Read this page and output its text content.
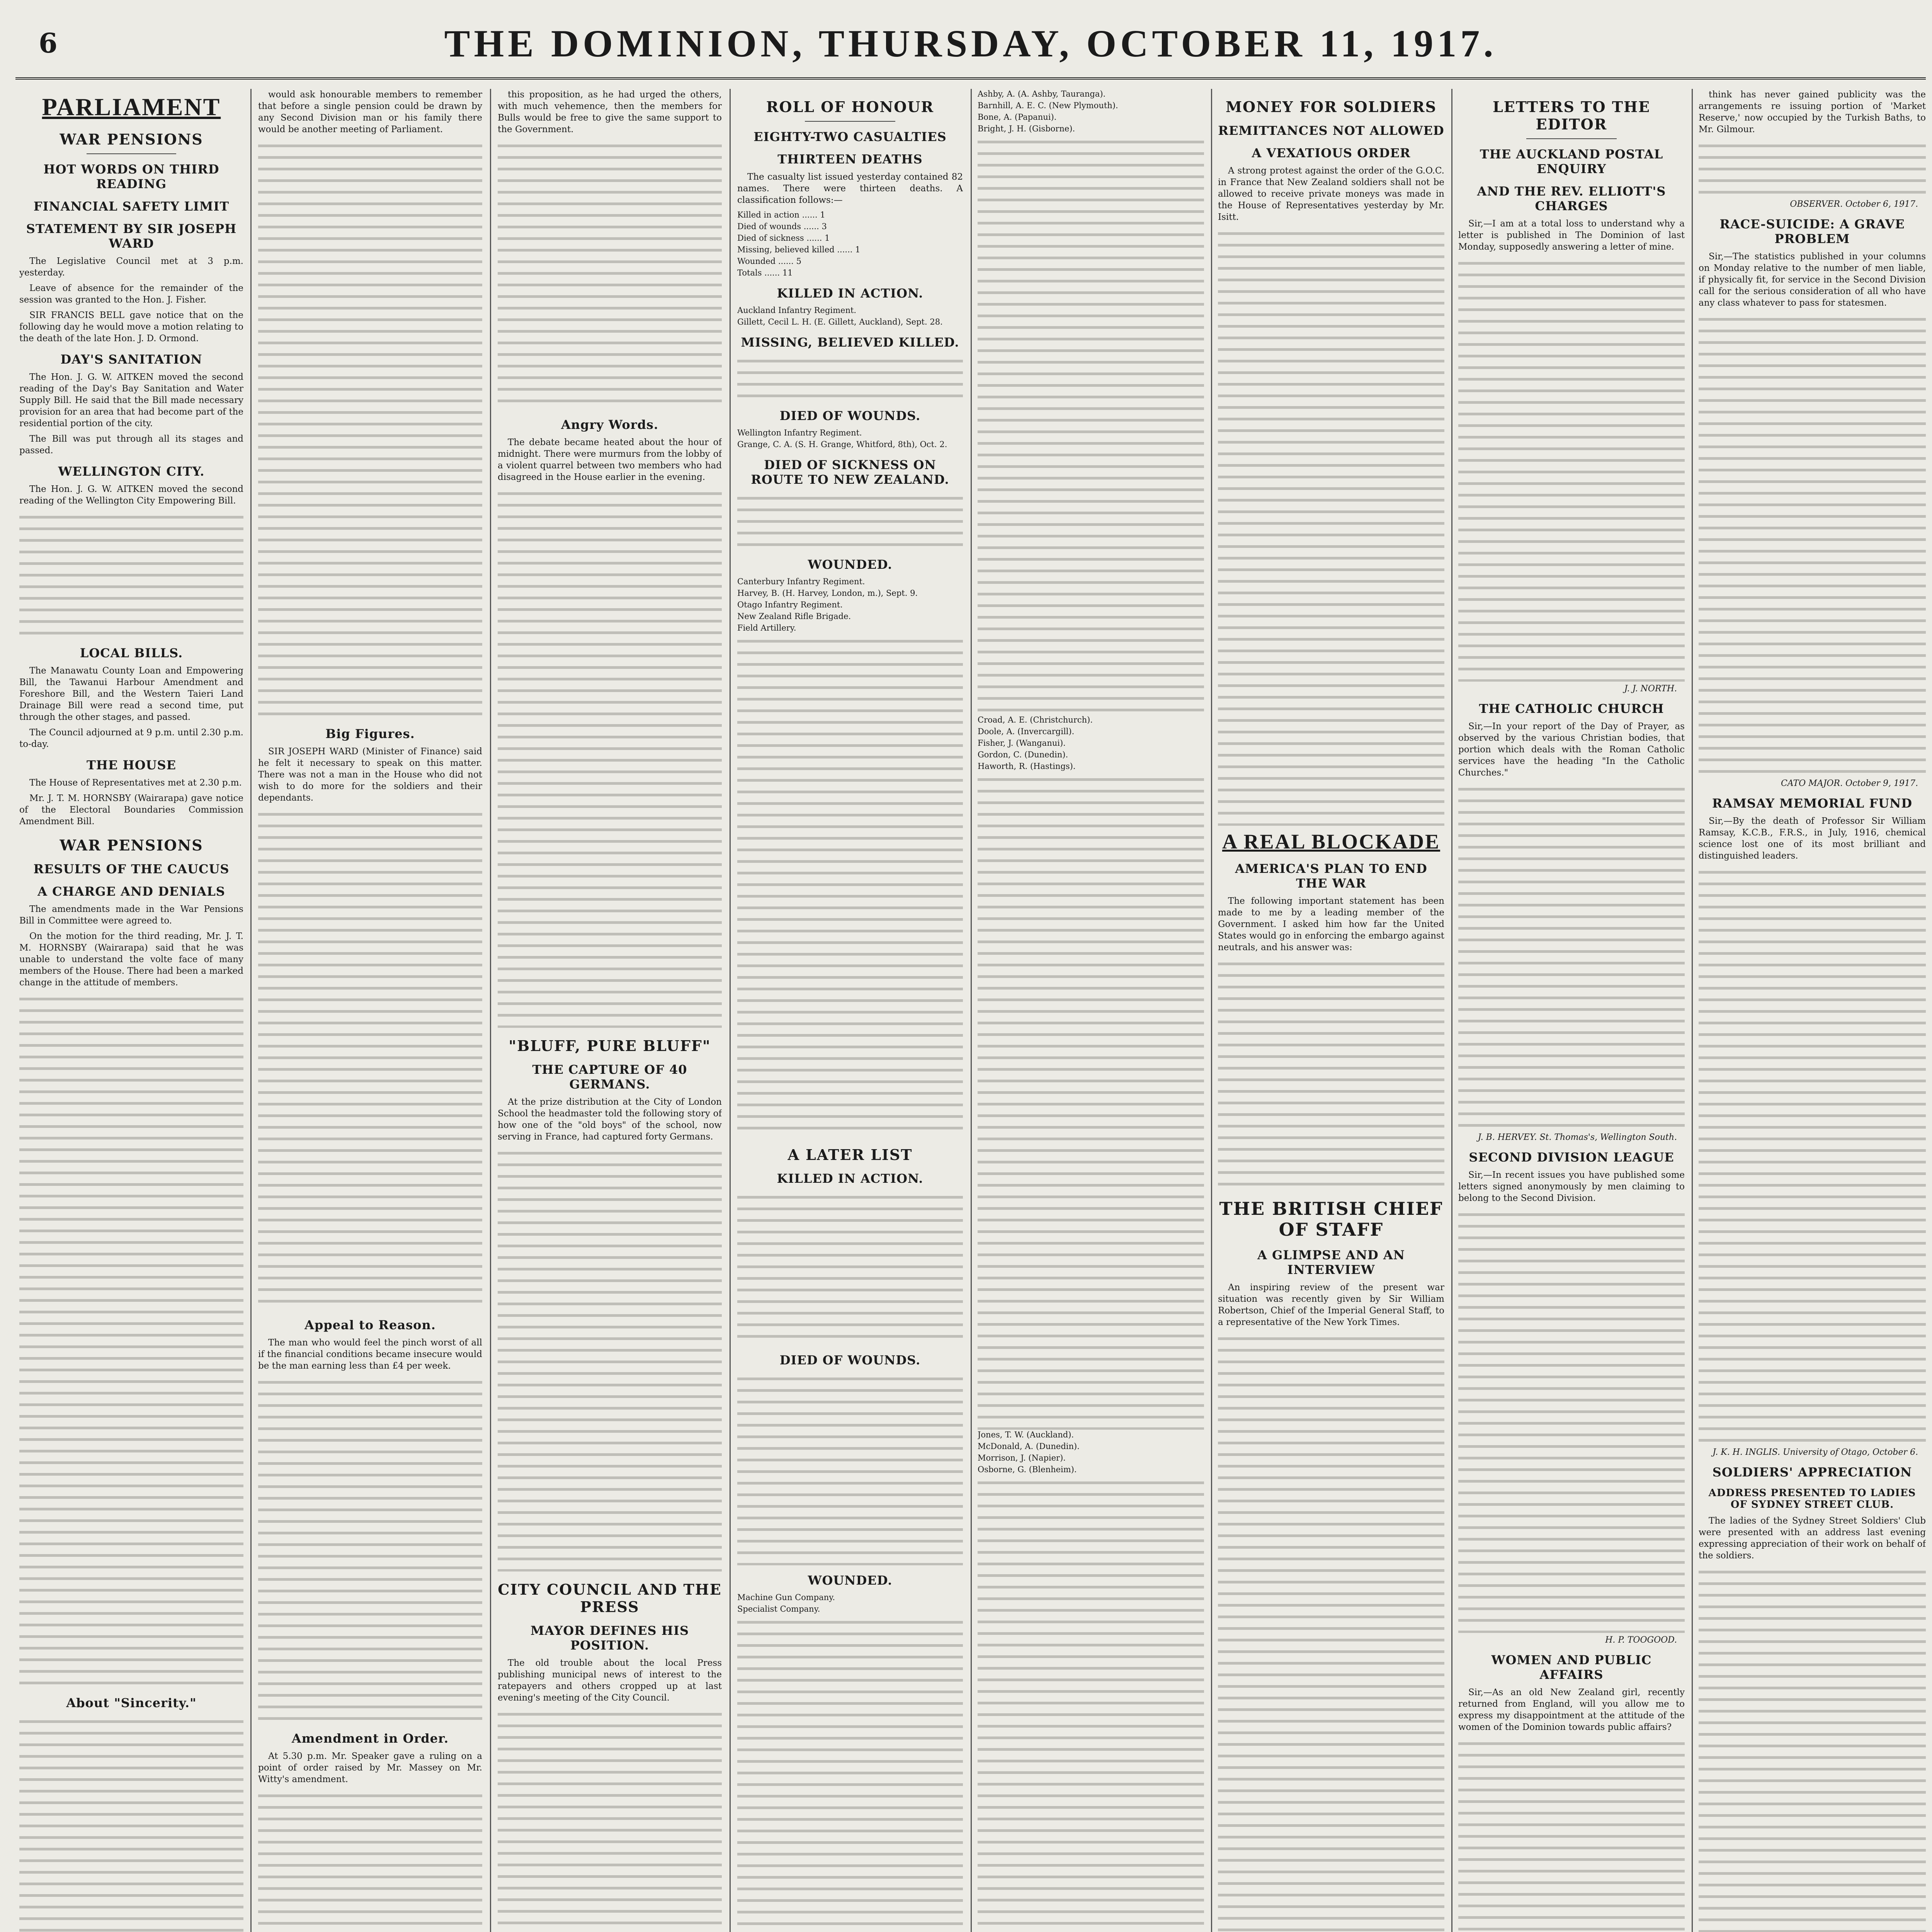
6	THE DOMINION, THURSDAY, OCTOBER 11, 1917.
PARLIAMENT
WAR PENSIONS
HOT WORDS ON THIRD READING
FINANCIAL SAFETY LIMIT
STATEMENT BY SIR JOSEPH WARD

The Legislative Council met at 3 p.m. yesterday.

Leave of absence for the remainder of the session was granted to the Hon. J. Fisher.

SIR FRANCIS BELL gave notice that on the following day he would move a motion relating to the death of the late Hon. J. D. Ormond.

DAY'S SANITATION

The Hon. J. G. W. AITKEN moved the second reading of the Day's Bay Sanitation and Water Supply Bill. He said that the Bill made necessary provision for an area that had become part of the residential portion of the city.

The Bill was put through all its stages and passed.

WELLINGTON CITY.

The Hon. J. G. W. AITKEN moved the second reading of the Wellington City Empowering Bill.

LOCAL BILLS.

The Manawatu County Loan and Empowering Bill, the Tawanui Harbour Amendment and Foreshore Bill, and the Western Taieri Land Drainage Bill were read a second time, put through the other stages, and passed.

The Council adjourned at 9 p.m. until 2.30 p.m. to-day.

THE HOUSE

The House of Representatives met at 2.30 p.m.

Mr. J. T. M. HORNSBY (Wairarapa) gave notice of the Electoral Boundaries Commission Amendment Bill.

WAR PENSIONS
RESULTS OF THE CAUCUS
A CHARGE AND DENIALS

The amendments made in the War Pensions Bill in Committee were agreed to.

On the motion for the third reading, Mr. J. T. M. HORNSBY (Wairarapa) said that he was unable to understand the volte face of many members of the House. There had been a marked change in the attitude of members.

About "Sincerity."

would ask honourable members to remember that before a single pension could be drawn by any Second Division man or his family there would be another meeting of Parliament.

Big Figures.

SIR JOSEPH WARD (Minister of Finance) said he felt it necessary to speak on this matter. There was not a man in the House who did not wish to do more for the soldiers and their dependants.

Appeal to Reason.

The man who would feel the pinch worst of all if the financial conditions became insecure would be the man earning less than £4 per week.

Amendment in Order.

At 5.30 p.m. Mr. Speaker gave a ruling on a point of order raised by Mr. Massey on Mr. Witty's amendment.

this proposition, as he had urged the others, with much vehemence, then the members for Bulls would be free to give the same support to the Government.

Angry Words.

The debate became heated about the hour of midnight. There were murmurs from the lobby of a violent quarrel between two members who had disagreed in the House earlier in the evening.

"BLUFF, PURE BLUFF"
THE CAPTURE OF 40 GERMANS.

At the prize distribution at the City of London School the headmaster told the following story of how one of the "old boys" of the school, now serving in France, had captured forty Germans.

CITY COUNCIL AND THE PRESS
MAYOR DEFINES HIS POSITION.

The old trouble about the local Press publishing municipal news of interest to the ratepayers and others cropped up at last evening's meeting of the City Council.

ROLL OF HONOUR
EIGHTY-TWO CASUALTIES
THIRTEEN DEATHS

The casualty list issued yesterday contained 82 names. There were thirteen deaths. A classification follows:—

Killed in action ...... 1

Died of wounds ...... 3

Died of sickness ...... 1

Missing, believed killed ...... 1

Wounded ...... 5

Totals ...... 11

KILLED IN ACTION.

Auckland Infantry Regiment.

Gillett, Cecil L. H. (E. Gillett, Auckland), Sept. 28.

MISSING, BELIEVED KILLED.
DIED OF WOUNDS.

Wellington Infantry Regiment.

Grange, C. A. (S. H. Grange, Whitford, 8th), Oct. 2.

DIED OF SICKNESS ON ROUTE TO NEW ZEALAND.
WOUNDED.

Canterbury Infantry Regiment.

Harvey, B. (H. Harvey, London, m.), Sept. 9.

Otago Infantry Regiment.

New Zealand Rifle Brigade.

Field Artillery.

A LATER LIST
KILLED IN ACTION.
DIED OF WOUNDS.
WOUNDED.

Machine Gun Company.

Specialist Company.

Ashby, A. (A. Ashby, Tauranga).

Barnhill, A. E. C. (New Plymouth).

Bone, A. (Papanui).

Bright, J. H. (Gisborne).

Croad, A. E. (Christchurch).

Doole, A. (Invercargill).

Fisher, J. (Wanganui).

Gordon, C. (Dunedin).

Haworth, R. (Hastings).

Jones, T. W. (Auckland).

McDonald, A. (Dunedin).

Morrison, J. (Napier).

Osborne, G. (Blenheim).

MONEY FOR SOLDIERS
REMITTANCES NOT ALLOWED
A VEXATIOUS ORDER

A strong protest against the order of the G.O.C. in France that New Zealand soldiers shall not be allowed to receive private moneys was made in the House of Representatives yesterday by Mr. Isitt.

A REAL BLOCKADE
AMERICA'S PLAN TO END THE WAR

The following important statement has been made to me by a leading member of the Government. I asked him how far the United States would go in enforcing the embargo against neutrals, and his answer was:

THE BRITISH CHIEF OF STAFF
A GLIMPSE AND AN INTERVIEW

An inspiring review of the present war situation was recently given by Sir William Robertson, Chief of the Imperial General Staff, to a representative of the New York Times.

LETTERS TO THE EDITOR
THE AUCKLAND POSTAL ENQUIRY
AND THE REV. ELLIOTT'S CHARGES

Sir,—I am at a total loss to understand why a letter is published in The Dominion of last Monday, supposedly answering a letter of mine.

J. J. NORTH.
THE CATHOLIC CHURCH

Sir,—In your report of the Day of Prayer, as observed by the various Christian bodies, that portion which deals with the Roman Catholic services have the heading "In the Catholic Churches."

J. B. HERVEY. St. Thomas's, Wellington South.
SECOND DIVISION LEAGUE

Sir,—In recent issues you have published some letters signed anonymously by men claiming to belong to the Second Division.

H. P. TOOGOOD.
WOMEN AND PUBLIC AFFAIRS

Sir,—As an old New Zealand girl, recently returned from England, will you allow me to express my disappointment at the attitude of the women of the Dominion towards public affairs?

think has never gained publicity was the arrangements re issuing portion of 'Market Reserve,' now occupied by the Turkish Baths, to Mr. Gilmour.

OBSERVER. October 6, 1917.
RACE-SUICIDE: A GRAVE PROBLEM

Sir,—The statistics published in your columns on Monday relative to the number of men liable, if physically fit, for service in the Second Division call for the serious consideration of all who have any class whatever to pass for statesmen.

CATO MAJOR. October 9, 1917.
RAMSAY MEMORIAL FUND

Sir,—By the death of Professor Sir William Ramsay, K.C.B., F.R.S., in July, 1916, chemical science lost one of its most brilliant and distinguished leaders.

J. K. H. INGLIS. University of Otago, October 6.
SOLDIERS' APPRECIATION
ADDRESS PRESENTED TO LADIES OF SYDNEY STREET CLUB.

The ladies of the Sydney Street Soldiers' Club were presented with an address last evening expressing appreciation of their work on behalf of the soldiers.
